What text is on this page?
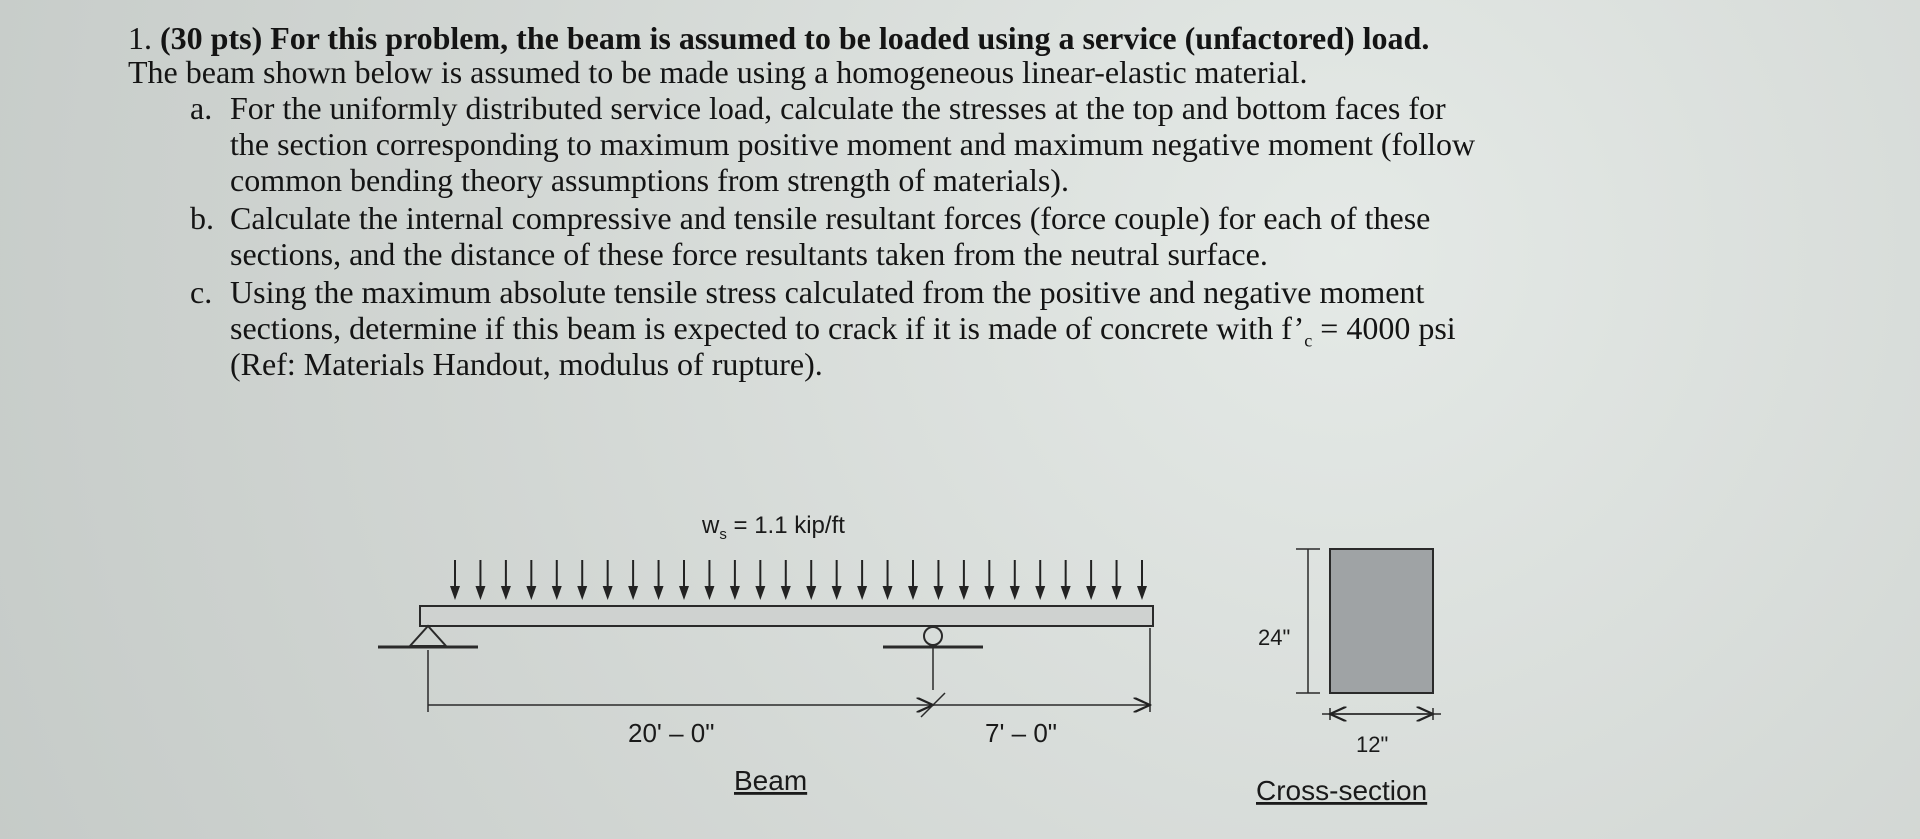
1. (30 pts) For this problem, the beam is assumed to be loaded using a service (unfactored) load.
The beam shown below is assumed to be made using a homogeneous linear-elastic material.
a. For the uniformly distributed service load, calculate the stresses at the top and bottom faces for
the section corresponding to maximum positive moment and maximum negative moment (follow
common bending theory assumptions from strength of materials).
b. Calculate the internal compressive and tensile resultant forces (force couple) for each of these
sections, and the distance of these force resultants taken from the neutral surface.
c. Using the maximum absolute tensile stress calculated from the positive and negative moment
sections, determine if this beam is expected to crack if it is made of concrete with $f’_c = 4000$ psi
(Ref: Materials Handout, modulus of rupture).
$w_s = 1.1$ kip/ft
20' – 0"	7' – 0"
Beam
24"
12"
Cross-section
